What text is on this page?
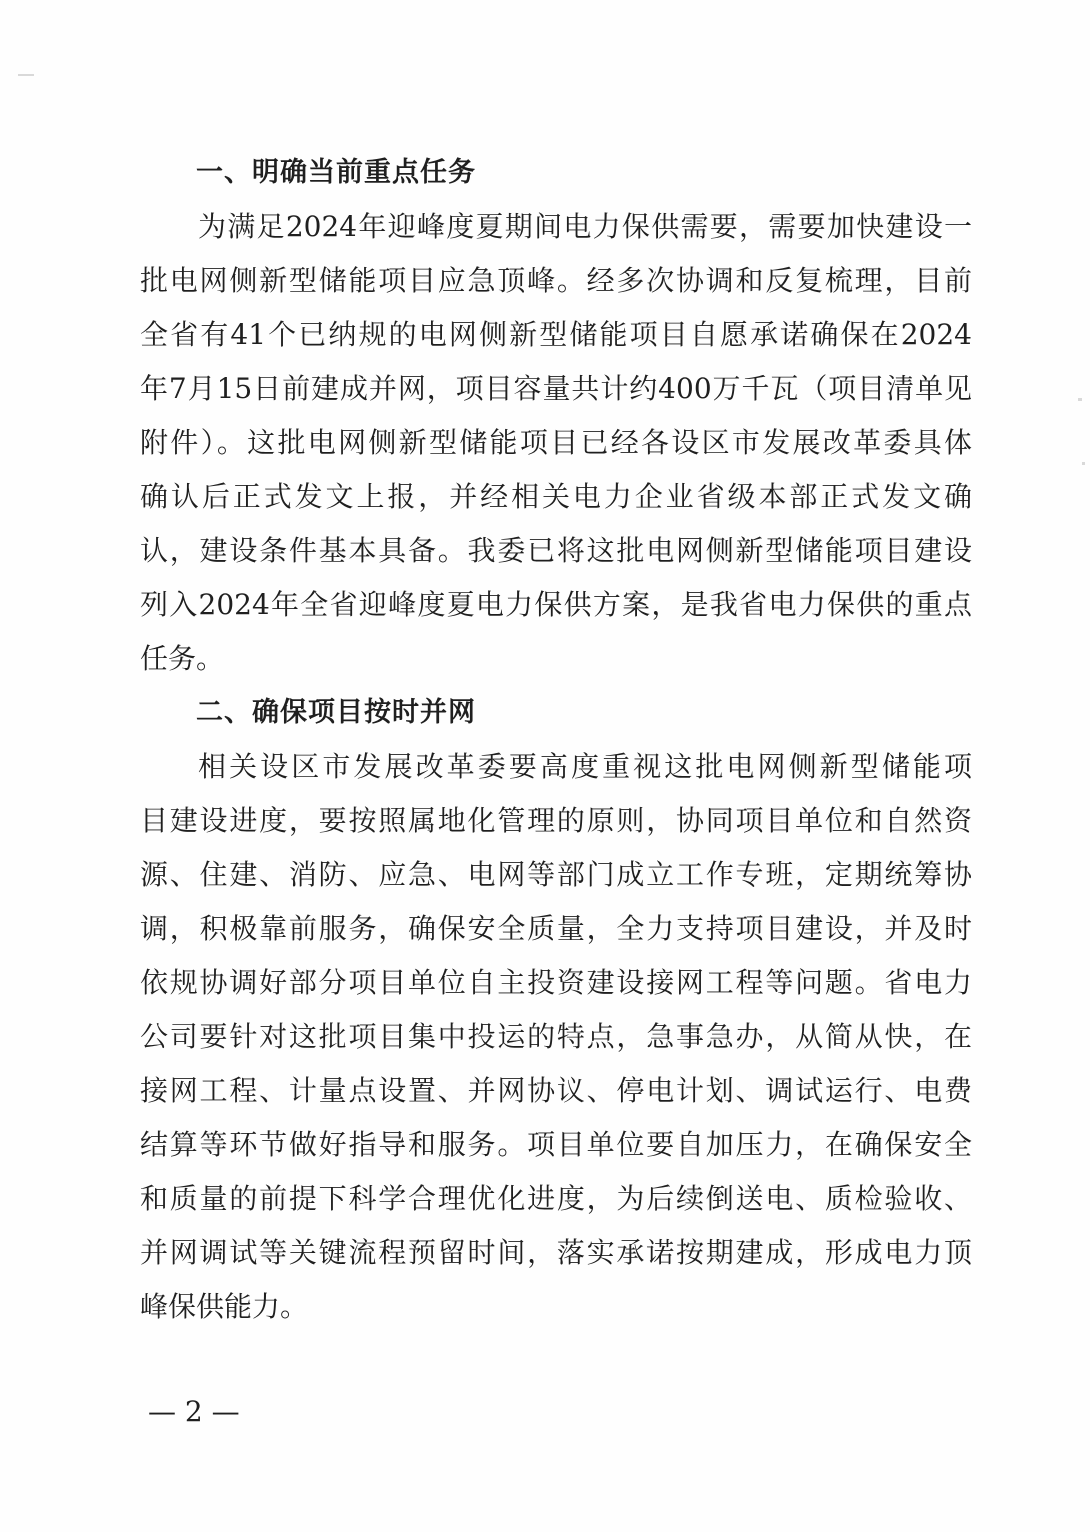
一、明确当前重点任务
为满足2024年迎峰度夏期间电力保供需要，需要加快建设一
批电网侧新型储能项目应急顶峰。经多次协调和反复梳理，目前
全省有41个已纳规的电网侧新型储能项目自愿承诺确保在2024
年7月15日前建成并网，项目容量共计约400万千瓦（项目清单见
附件）。这批电网侧新型储能项目已经各设区市发展改革委具体
确认后正式发文上报，并经相关电力企业省级本部正式发文确
认，建设条件基本具备。我委已将这批电网侧新型储能项目建设
列入2024年全省迎峰度夏电力保供方案，是我省电力保供的重点
任务。
二、确保项目按时并网
相关设区市发展改革委要高度重视这批电网侧新型储能项
目建设进度，要按照属地化管理的原则，协同项目单位和自然资
源、住建、消防、应急、电网等部门成立工作专班，定期统筹协
调，积极靠前服务，确保安全质量，全力支持项目建设，并及时
依规协调好部分项目单位自主投资建设接网工程等问题。省电力
公司要针对这批项目集中投运的特点，急事急办，从简从快，在
接网工程、计量点设置、并网协议、停电计划、调试运行、电费
结算等环节做好指导和服务。项目单位要自加压力，在确保安全
和质量的前提下科学合理优化进度，为后续倒送电、质检验收、
并网调试等关键流程预留时间，落实承诺按期建成，形成电力顶
峰保供能力。
— 2 —
